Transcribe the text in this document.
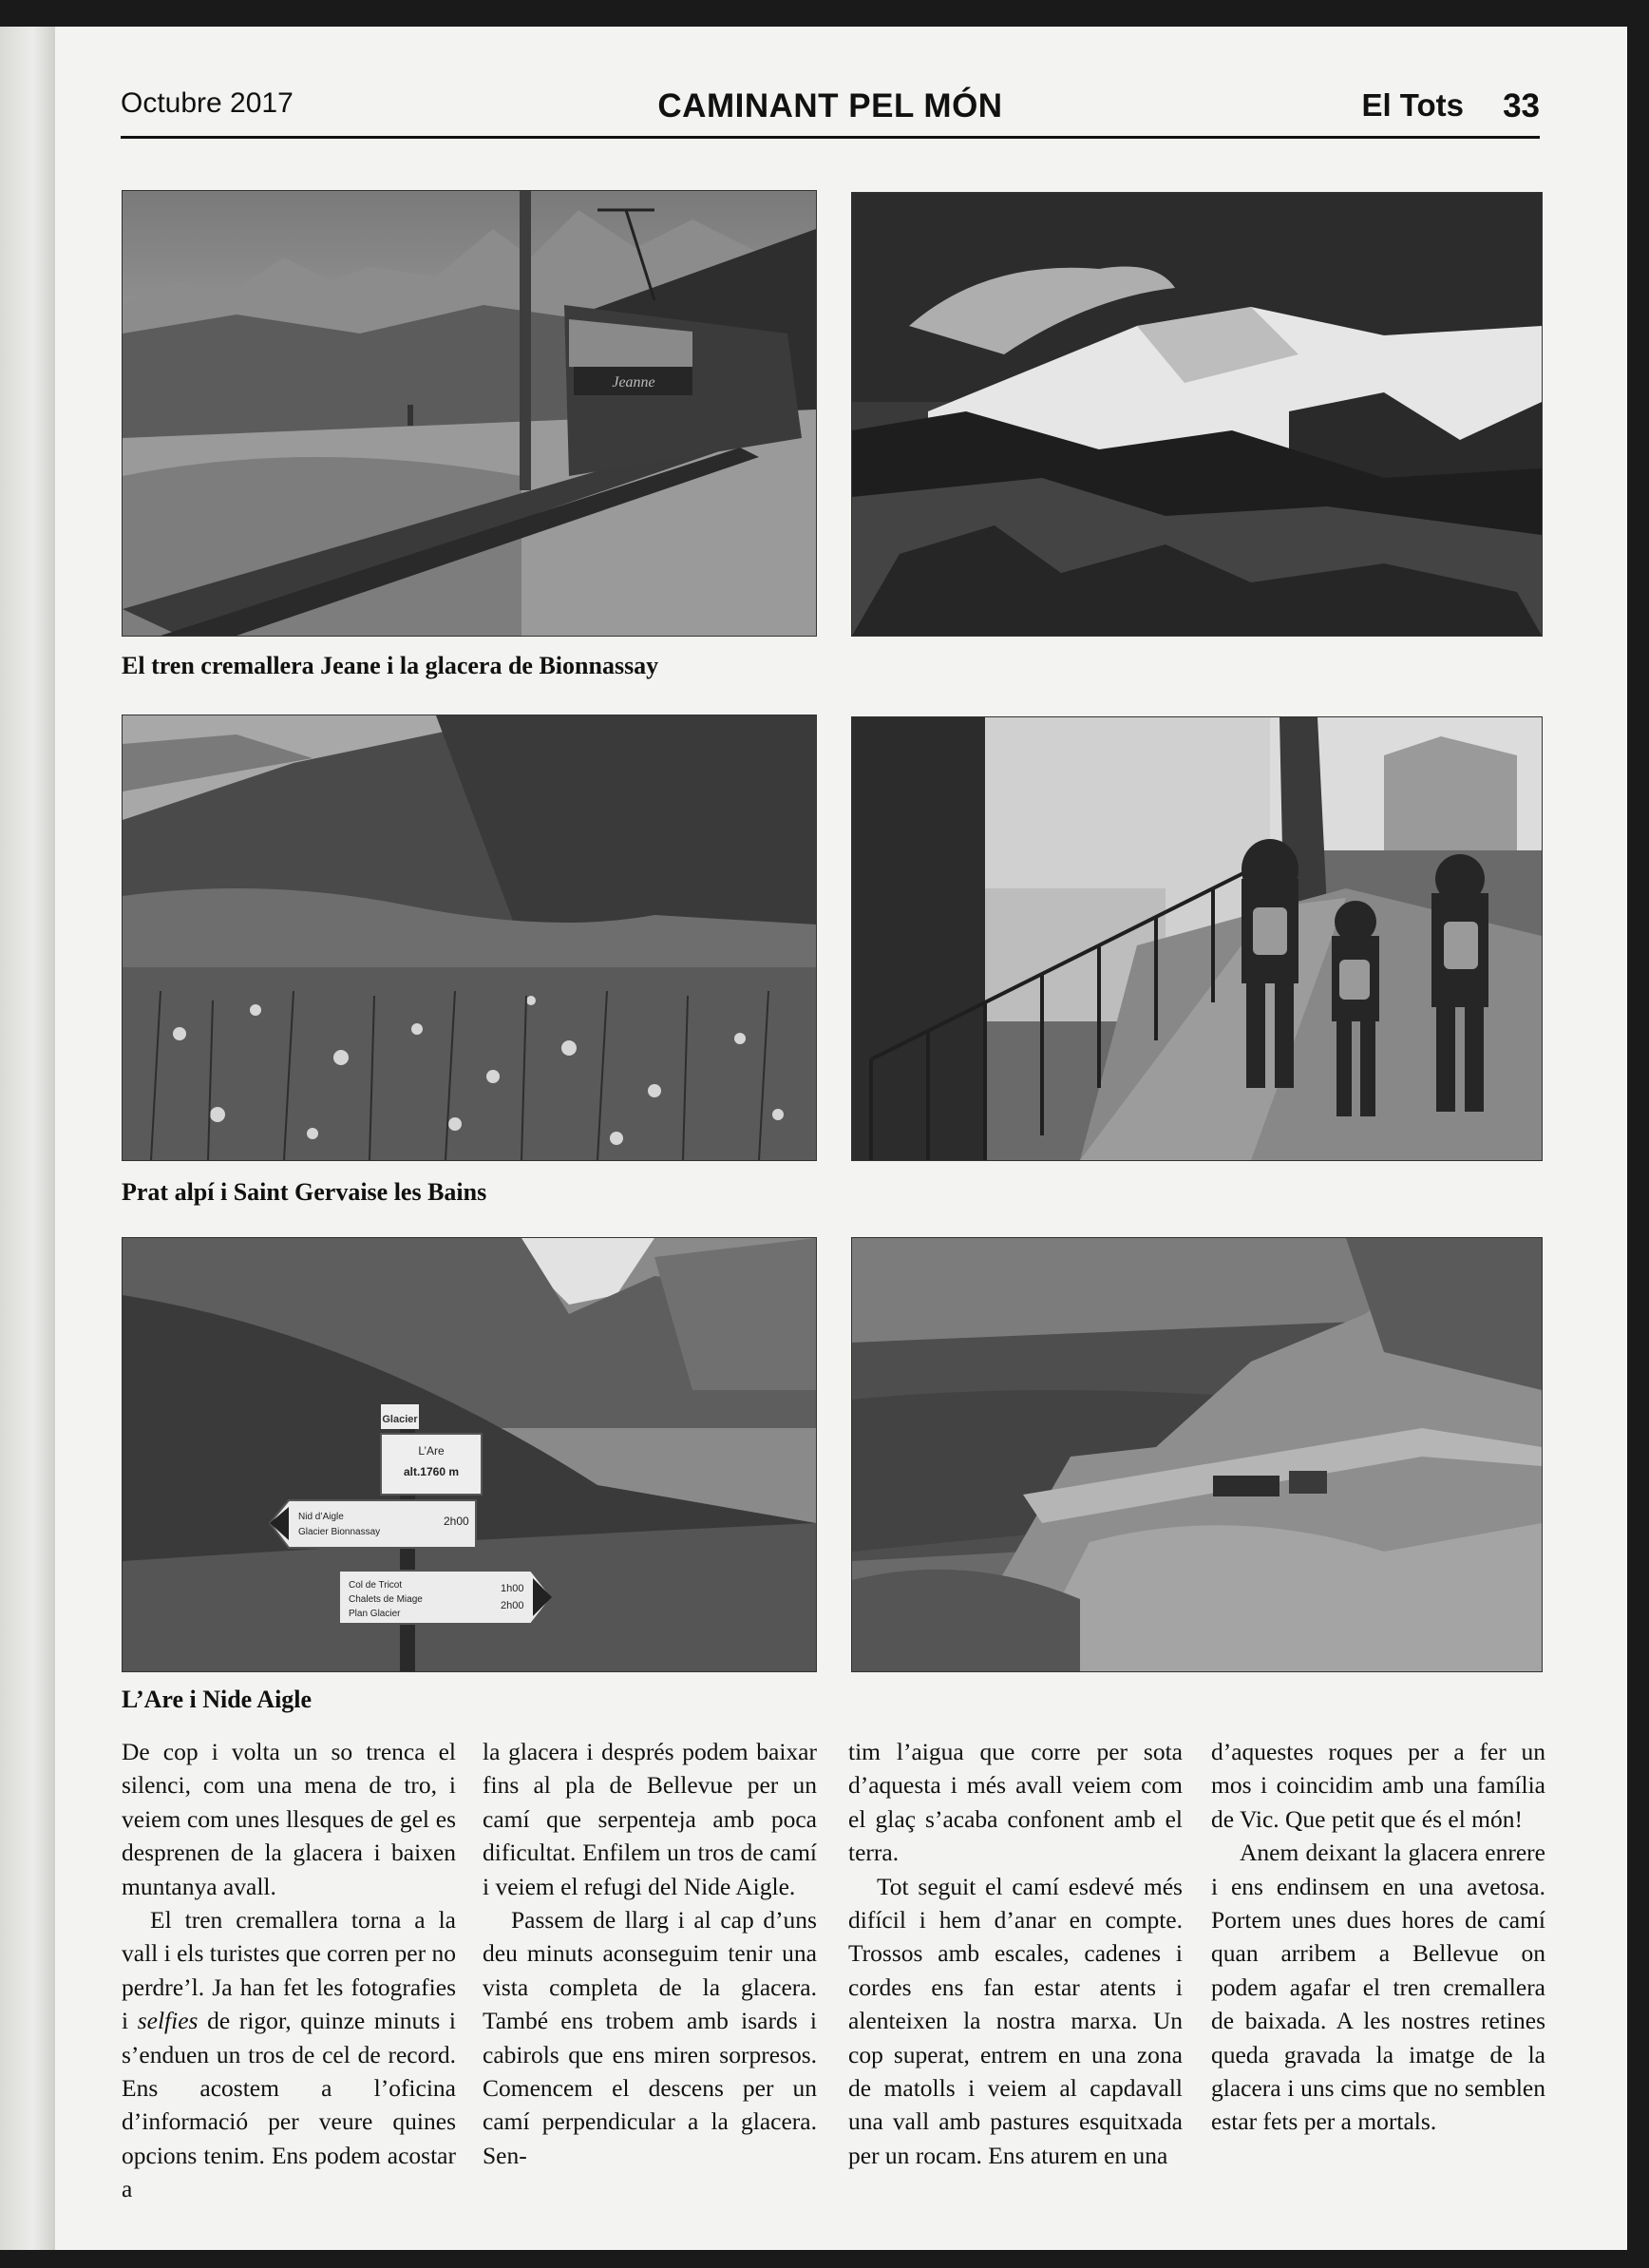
Octubre 2017	CAMINANT PEL MÓN	El Tots 33
Jeanne
El tren cremallera Jeane i la glacera de Bionnassay
Prat alpí i Saint Gervaise les Bains
Glacier
L’Are
alt.1760 m
Nid d’Aigle
Glacier Bionnassay
2h00
Col de Tricot
Chalets de Miage
Plan Glacier
1h00
2h00
L’Are i Nide Aigle

De cop i volta un so trenca el silenci, com una mena de tro, i veiem com unes llesques de gel es desprenen de la glacera i baixen muntanya avall.

El tren cremallera torna a la vall i els turistes que corren per no perdre’l. Ja han fet les fotografies i selfies de rigor, quinze minuts i s’enduen un tros de cel de record. Ens acostem a l’oficina d’informació per veure quines opcions tenim. Ens podem acostar a

la glacera i després podem baixar fins al pla de Bellevue per un camí que serpenteja amb poca dificultat. Enfilem un tros de camí i veiem el refugi del Nide Aigle.

Passem de llarg i al cap d’uns deu minuts aconseguim tenir una vista completa de la glacera. També ens trobem amb isards i cabirols que ens miren sorpresos. Comencem el descens per un camí perpendicular a la glacera. Sen-

tim l’aigua que corre per sota d’aquesta i més avall veiem com el glaç s’acaba confonent amb el terra.

Tot seguit el camí esdevé més difícil i hem d’anar en compte. Trossos amb escales, cadenes i cordes ens fan estar atents i alenteixen la nostra marxa. Un cop superat, entrem en una zona de matolls i veiem al capdavall una vall amb pastures esquitxada per un rocam. Ens aturem en una

d’aquestes roques per a fer un mos i coincidim amb una família de Vic. Que petit que és el món!

Anem deixant la glacera enrere i ens endinsem en una avetosa. Portem unes dues hores de camí quan arribem a Bellevue on podem agafar el tren cremallera de baixada. A les nostres retines queda gravada la imatge de la glacera i uns cims que no semblen estar fets per a mortals.
